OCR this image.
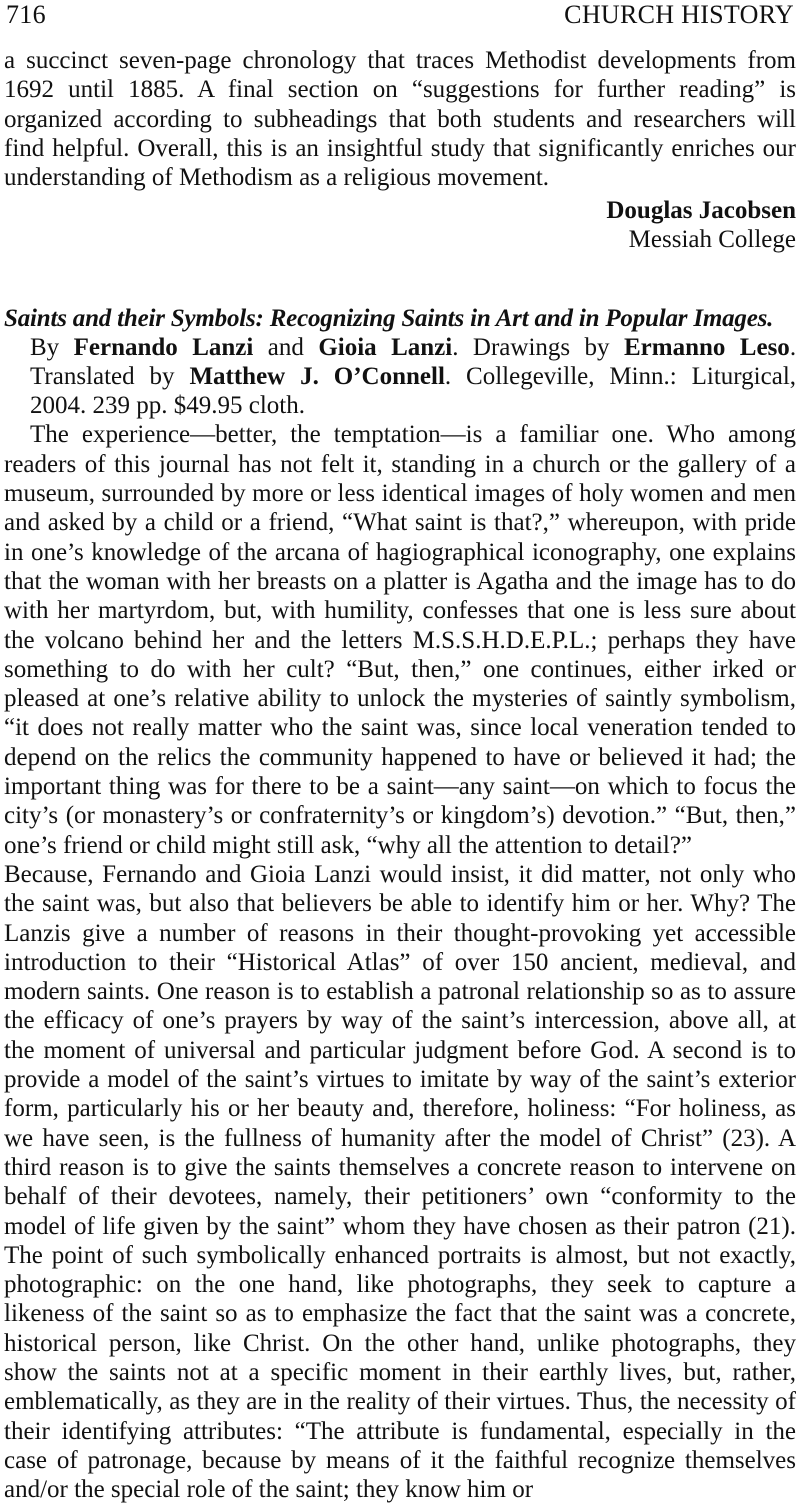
716	CHURCH HISTORY

a succinct seven-page chronology that traces Methodist developments from 1692 until 1885. A final section on “suggestions for further reading” is organized according to subheadings that both students and researchers will find helpful. Overall, this is an insightful study that significantly enriches our understanding of Methodism as a religious movement.

Douglas Jacobsen
Messiah College
Saints and their Symbols: Recognizing Saints in Art and in Popular Images.
By Fernando Lanzi and Gioia Lanzi. Drawings by Ermanno Leso. Translated by Matthew J. O’Connell. Collegeville, Minn.: Liturgical, 2004. 239 pp. $49.95 cloth.

The experience—better, the temptation—is a familiar one. Who among readers of this journal has not felt it, standing in a church or the gallery of a museum, surrounded by more or less identical images of holy women and men and asked by a child or a friend, “What saint is that?,” whereupon, with pride in one’s knowledge of the arcana of hagiographical iconography, one explains that the woman with her breasts on a platter is Agatha and the image has to do with her martyrdom, but, with humility, confesses that one is less sure about the volcano behind her and the letters M.S.S.H.D.E.P.L.; perhaps they have something to do with her cult? “But, then,” one continues, either irked or pleased at one’s relative ability to unlock the mysteries of saintly symbolism, “it does not really matter who the saint was, since local veneration tended to depend on the relics the community happened to have or believed it had; the important thing was for there to be a saint—any saint—on which to focus the city’s (or monastery’s or confraternity’s or kingdom’s) devotion.” “But, then,” one’s friend or child might still ask, “why all the attention to detail?”

Because, Fernando and Gioia Lanzi would insist, it did matter, not only who the saint was, but also that believers be able to identify him or her. Why? The Lanzis give a number of reasons in their thought-provoking yet accessible introduction to their “Historical Atlas” of over 150 ancient, medieval, and modern saints. One reason is to establish a patronal relationship so as to assure the efficacy of one’s prayers by way of the saint’s intercession, above all, at the moment of universal and particular judgment before God. A second is to provide a model of the saint’s virtues to imitate by way of the saint’s exterior form, particularly his or her beauty and, therefore, holiness: “For holiness, as we have seen, is the fullness of humanity after the model of Christ” (23). A third reason is to give the saints themselves a concrete reason to intervene on behalf of their devotees, namely, their petitioners’ own “conformity to the model of life given by the saint” whom they have chosen as their patron (21). The point of such symbolically enhanced portraits is almost, but not exactly, photographic: on the one hand, like photographs, they seek to capture a likeness of the saint so as to emphasize the fact that the saint was a concrete, historical person, like Christ. On the other hand, unlike photographs, they show the saints not at a specific moment in their earthly lives, but, rather, emblematically, as they are in the reality of their virtues. Thus, the necessity of their identifying attributes: “The attribute is fundamental, especially in the case of patronage, because by means of it the faithful recognize themselves and/or the special role of the saint; they know him or
